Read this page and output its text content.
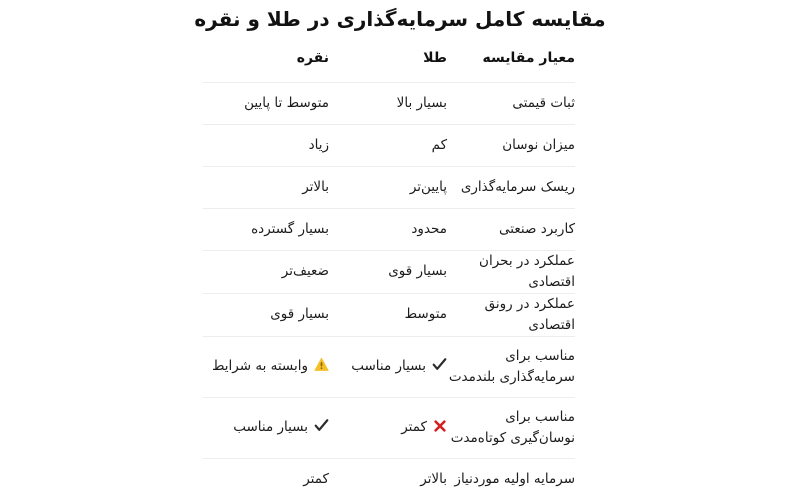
مقایسه کامل سرمایه‌گذاری در طلا و نقره
معیار مقایسه	طلا	نقره

ثبات قیمتی	بسیار بالا	متوسط تا پایین

میزان نوسان	کم	زیاد

ریسک سرمایه‌گذاری	پایین‌تر	بالاتر

کاربرد صنعتی	محدود	بسیار گسترده

عملکرد در بحران اقتصادی	بسیار قوی	ضعیف‌تر

عملکرد در رونق اقتصادی	متوسط	بسیار قوی

مناسب برای سرمایه‌گذاری بلندمدت	بسیار مناسب	وابسته به شرایط

مناسب برای نوسان‌گیری کوتاه‌مدت	کمتر	بسیار مناسب

سرمایه اولیه موردنیاز	بالاتر	کمتر
